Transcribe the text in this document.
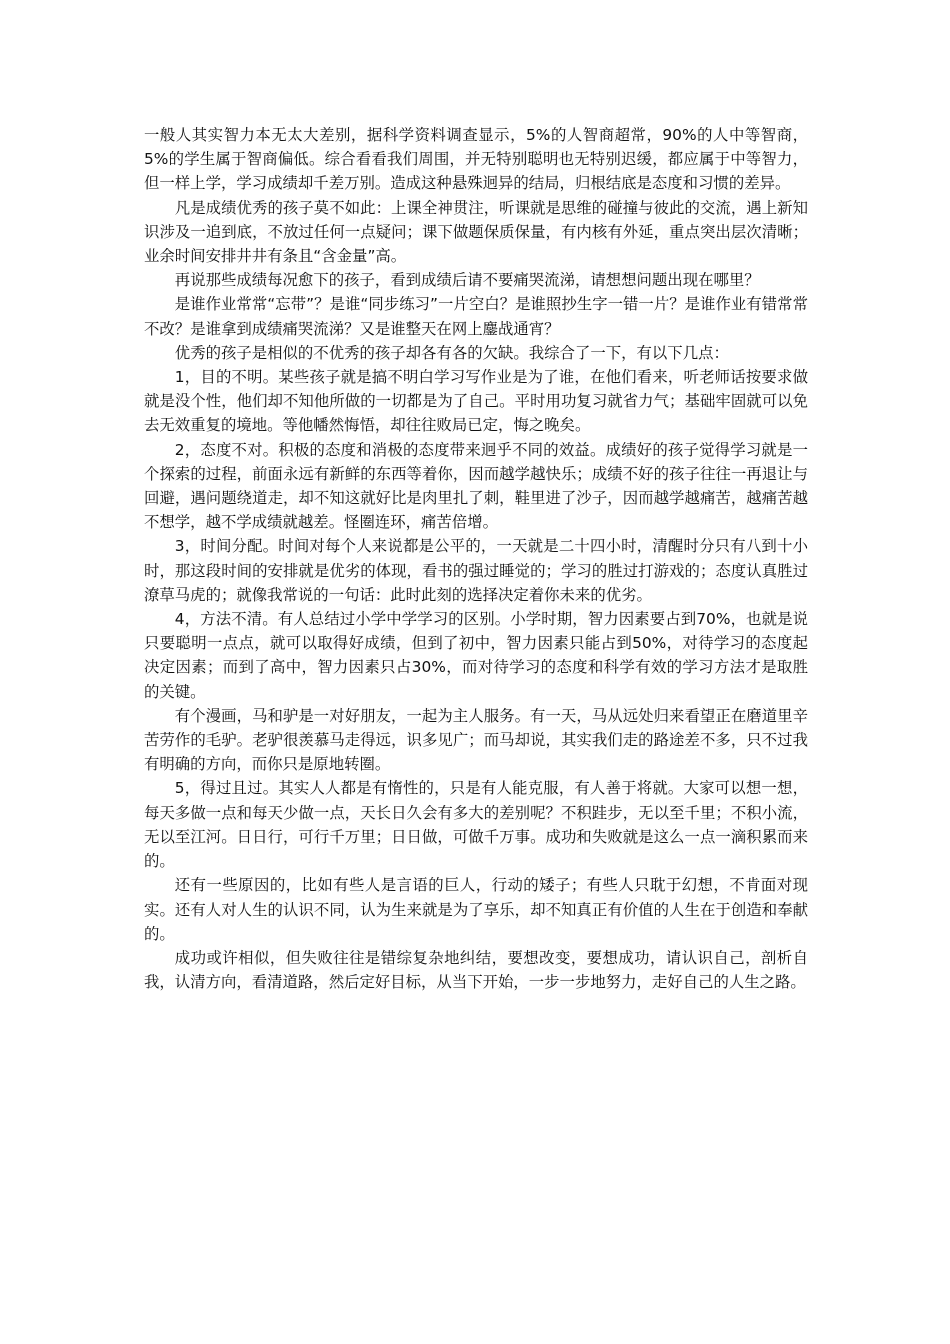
一般人其实智力本无太大差别，据科学资料调查显示，5%的人智商超常，90%的人中等智商，5%的学生属于智商偏低。综合看看我们周围，并无特别聪明也无特别迟缓，都应属于中等智力，但一样上学，学习成绩却千差万别。造成这种悬殊迥异的结局，归根结底是态度和习惯的差异。

凡是成绩优秀的孩子莫不如此：上课全神贯注，听课就是思维的碰撞与彼此的交流，遇上新知识涉及一追到底，不放过任何一点疑问；课下做题保质保量，有内核有外延，重点突出层次清晰；业余时间安排井井有条且“含金量”高。

再说那些成绩每况愈下的孩子，看到成绩后请不要痛哭流涕，请想想问题出现在哪里？

是谁作业常常“忘带”？是谁“同步练习”一片空白？是谁照抄生字一错一片？是谁作业有错常常不改？是谁拿到成绩痛哭流涕？又是谁整天在网上鏖战通宵？

优秀的孩子是相似的不优秀的孩子却各有各的欠缺。我综合了一下，有以下几点：

1，目的不明。某些孩子就是搞不明白学习写作业是为了谁，在他们看来，听老师话按要求做就是没个性，他们却不知他所做的一切都是为了自己。平时用功复习就省力气；基础牢固就可以免去无效重复的境地。等他幡然悔悟，却往往败局已定，悔之晚矣。

2，态度不对。积极的态度和消极的态度带来迥乎不同的效益。成绩好的孩子觉得学习就是一个探索的过程，前面永远有新鲜的东西等着你，因而越学越快乐；成绩不好的孩子往往一再退让与回避，遇问题绕道走，却不知这就好比是肉里扎了刺，鞋里进了沙子，因而越学越痛苦，越痛苦越不想学，越不学成绩就越差。怪圈连环，痛苦倍增。

3，时间分配。时间对每个人来说都是公平的，一天就是二十四小时，清醒时分只有八到十小时，那这段时间的安排就是优劣的体现，看书的强过睡觉的；学习的胜过打游戏的；态度认真胜过潦草马虎的；就像我常说的一句话：此时此刻的选择决定着你未来的优劣。

4，方法不清。有人总结过小学中学学习的区别。小学时期，智力因素要占到70%，也就是说只要聪明一点点，就可以取得好成绩，但到了初中，智力因素只能占到50%，对待学习的态度起决定因素；而到了高中，智力因素只占30%，而对待学习的态度和科学有效的学习方法才是取胜的关键。

有个漫画，马和驴是一对好朋友，一起为主人服务。有一天，马从远处归来看望正在磨道里辛苦劳作的毛驴。老驴很羡慕马走得远，识多见广；而马却说，其实我们走的路途差不多，只不过我有明确的方向，而你只是原地转圈。

5，得过且过。其实人人都是有惰性的，只是有人能克服，有人善于将就。大家可以想一想，每天多做一点和每天少做一点，天长日久会有多大的差别呢？不积跬步，无以至千里；不积小流，无以至江河。日日行，可行千万里；日日做，可做千万事。成功和失败就是这么一点一滴积累而来的。

还有一些原因的，比如有些人是言语的巨人，行动的矮子；有些人只耽于幻想，不肯面对现实。还有人对人生的认识不同，认为生来就是为了享乐，却不知真正有价值的人生在于创造和奉献的。

成功或许相似，但失败往往是错综复杂地纠结，要想改变，要想成功，请认识自己，剖析自我，认清方向，看清道路，然后定好目标，从当下开始，一步一步地努力，走好自己的人生之路。
